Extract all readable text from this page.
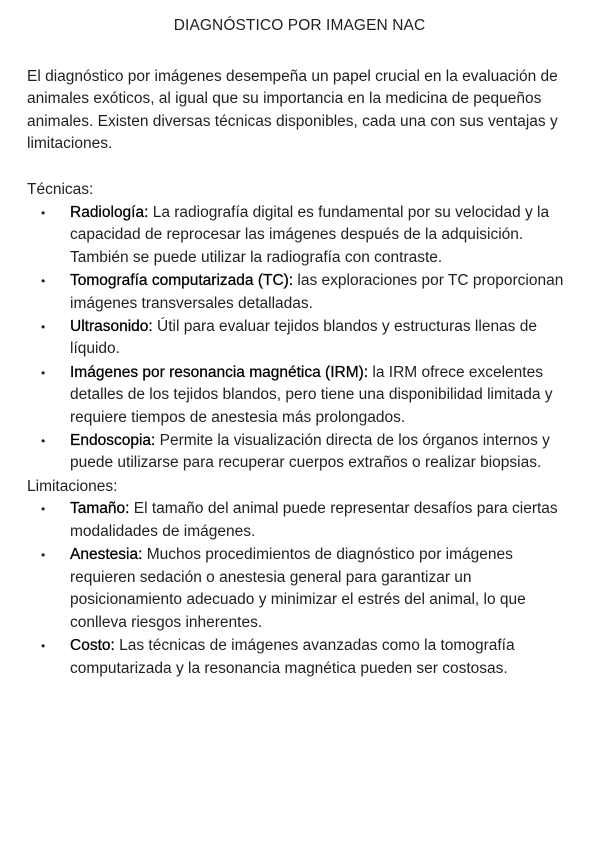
DIAGNÓSTICO POR IMAGEN NAC

El diagnóstico por imágenes desempeña un papel crucial en la evaluación de animales exóticos, al igual que su importancia en la medicina de pequeños animales. Existen diversas técnicas disponibles, cada una con sus ventajas y limitaciones.

Técnicas:

• Radiología: La radiografía digital es fundamental por su velocidad y la capacidad de reprocesar las imágenes después de la adquisición. También se puede utilizar la radiografía con contraste.
• Tomografía computarizada (TC): las exploraciones por TC proporcionan imágenes transversales detalladas.
• Ultrasonido: Útil para evaluar tejidos blandos y estructuras llenas de líquido.
• Imágenes por resonancia magnética (IRM): la IRM ofrece excelentes detalles de los tejidos blandos, pero tiene una disponibilidad limitada y requiere tiempos de anestesia más prolongados.
• Endoscopia: Permite la visualización directa de los órganos internos y puede utilizarse para recuperar cuerpos extraños o realizar biopsias.

Limitaciones:

• Tamaño: El tamaño del animal puede representar desafíos para ciertas modalidades de imágenes.
• Anestesia: Muchos procedimientos de diagnóstico por imágenes requieren sedación o anestesia general para garantizar un posicionamiento adecuado y minimizar el estrés del animal, lo que conlleva riesgos inherentes.
• Costo: Las técnicas de imágenes avanzadas como la tomografía computarizada y la resonancia magnética pueden ser costosas.
